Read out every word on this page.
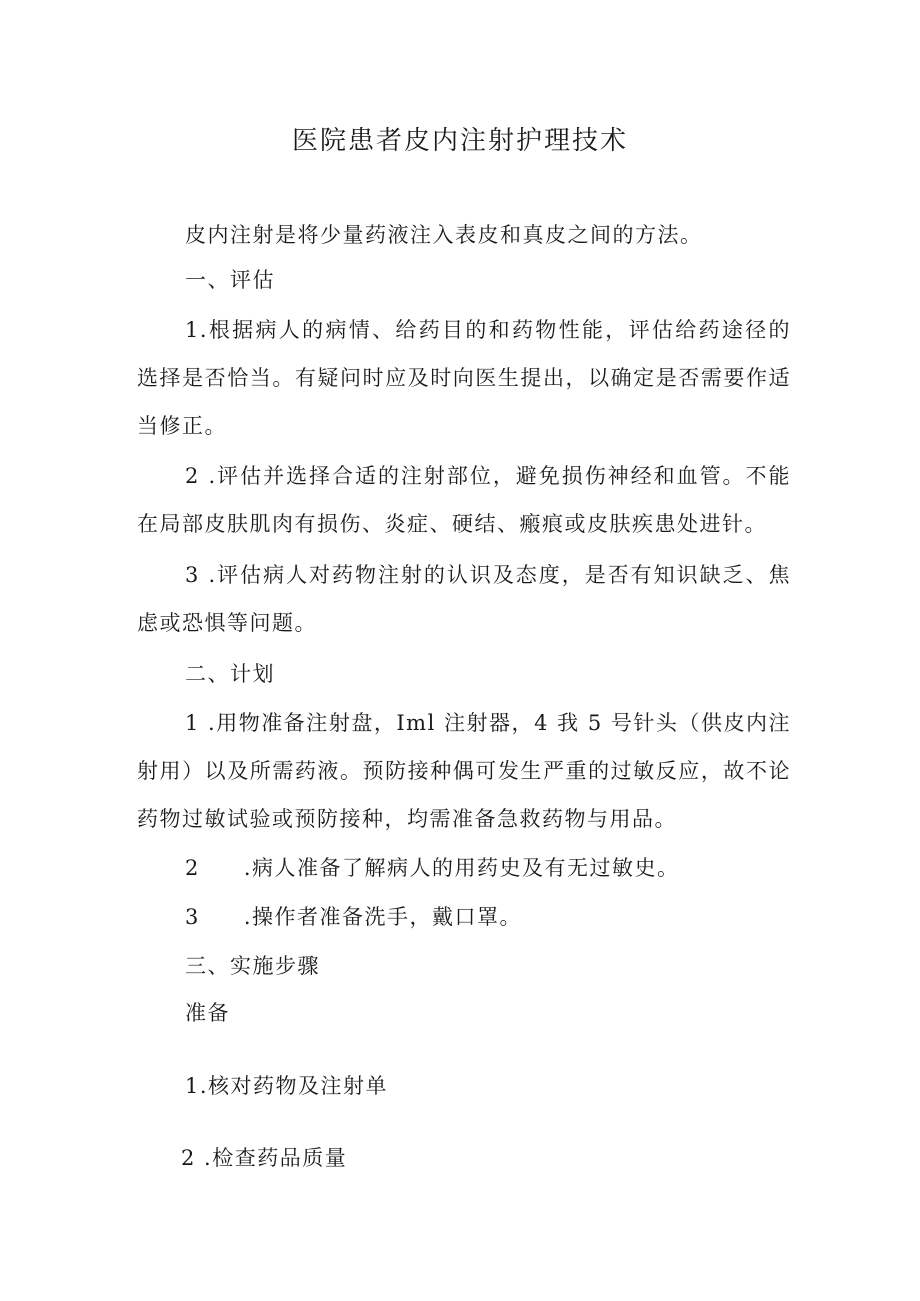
医院患者皮内注射护理技术

皮内注射是将少量药液注入表皮和真皮之间的方法。

一、评估

1.根据病人的病情、给药目的和药物性能，评估给药途径的选择是否恰当。有疑问时应及时向医生提出，以确定是否需要作适当修正。

2 .评估并选择合适的注射部位，避免损伤神经和血管。不能在局部皮肤肌肉有损伤、炎症、硬结、瘢痕或皮肤疾患处进针。

3 .评估病人对药物注射的认识及态度，是否有知识缺乏、焦虑或恐惧等问题。

二、计划

1 .用物准备注射盘，Iml 注射器，4 我 5 号针头（供皮内注射用）以及所需药液。预防接种偶可发生严重的过敏反应，故不论药物过敏试验或预防接种，均需准备急救药物与用品。

2 .病人准备了解病人的用药史及有无过敏史。

3 .操作者准备洗手，戴口罩。

三、实施步骤

准备

1.核对药物及注射单

2 .检查药品质量
